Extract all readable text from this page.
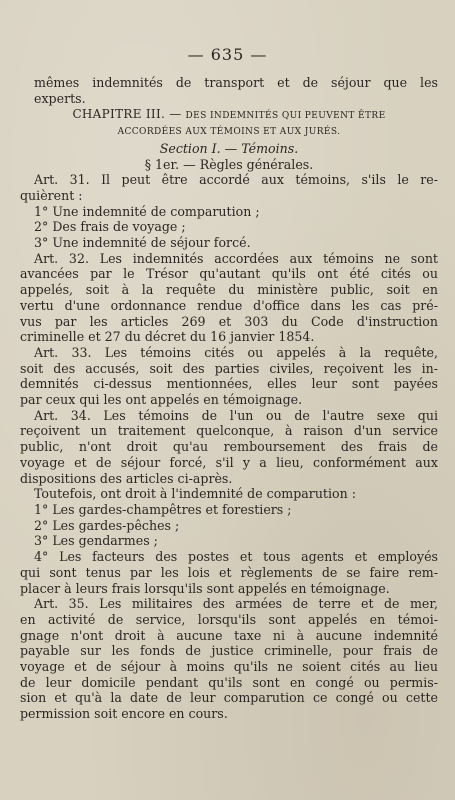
— 635 —
mêmes indemnités de transport et de séjour que les
experts.
CHAPITRE III. — DES INDEMNITÉS QUI PEUVENT ÊTRE
ACCORDÉES AUX TÉMOINS ET AUX JURÉS.
Section I. — Témoins.
§ 1er. — Règles générales.
Art. 31. Il peut être accordé aux témoins, s'ils le re-
quièrent :
1° Une indemnité de comparution ;
2° Des frais de voyage ;
3° Une indemnité de séjour forcé.
Art. 32. Les indemnités accordées aux témoins ne sont
avancées par le Trésor qu'autant qu'ils ont été cités ou
appelés, soit à la requête du ministère public, soit en
vertu d'une ordonnance rendue d'office dans les cas pré-
vus par les articles 269 et 303 du Code d'instruction
criminelle et 27 du décret du 16 janvier 1854.
Art. 33. Les témoins cités ou appelés à la requête,
soit des accusés, soit des parties civiles, reçoivent les in-
demnités ci-dessus mentionnées, elles leur sont payées
par ceux qui les ont appelés en témoignage.
Art. 34. Les témoins de l'un ou de l'autre sexe qui
reçoivent un traitement quelconque, à raison d'un service
public, n'ont droit qu'au remboursement des frais de
voyage et de séjour forcé, s'il y a lieu, conformément aux
dispositions des articles ci-après.
Toutefois, ont droit à l'indemnité de comparution :
1° Les gardes-champêtres et forestiers ;
2° Les gardes-pêches ;
3° Les gendarmes ;
4° Les facteurs des postes et tous agents et employés
qui sont tenus par les lois et règlements de se faire rem-
placer à leurs frais lorsqu'ils sont appelés en témoignage.
Art. 35. Les militaires des armées de terre et de mer,
en activité de service, lorsqu'ils sont appelés en témoi-
gnage n'ont droit à aucune taxe ni à aucune indemnité
payable sur les fonds de justice criminelle, pour frais de
voyage et de séjour à moins qu'ils ne soient cités au lieu
de leur domicile pendant qu'ils sont en congé ou permis-
sion et qu'à la date de leur comparution ce congé ou cette
permission soit encore en cours.
